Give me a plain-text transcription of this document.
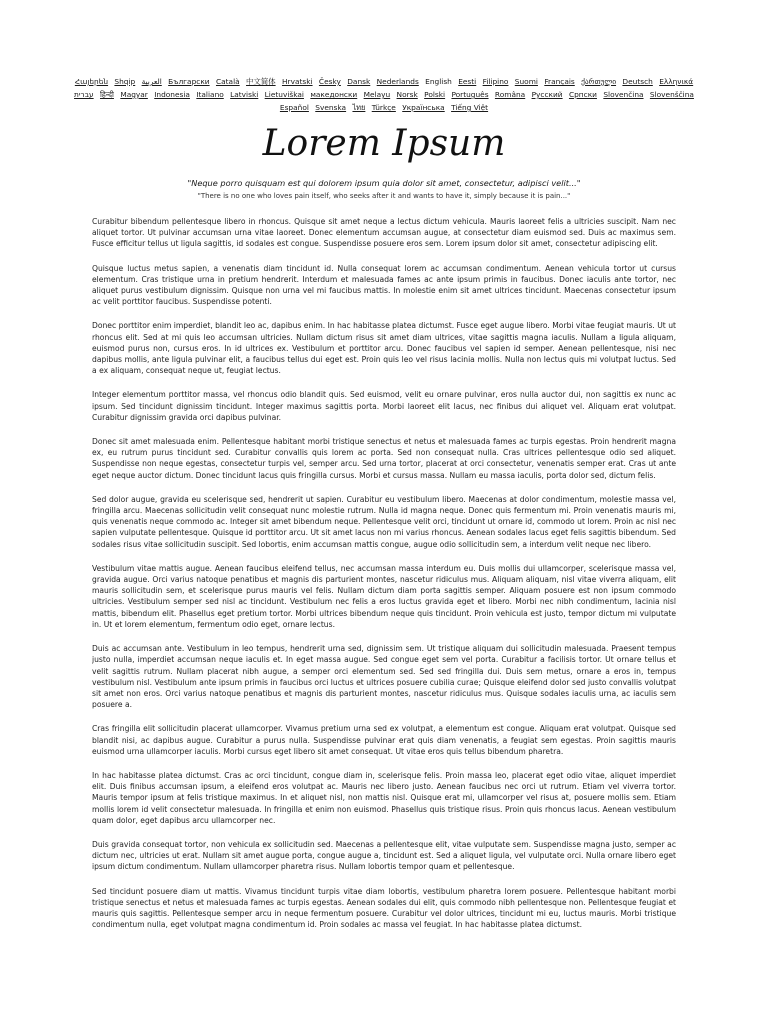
Հայերեն Shqip العربية Български Català 中文简体 Hrvatski Česky Dansk Nederlands English Eesti Filipino Suomi Français ქართული Deutsch Ελληνικά עברית हिन्दी Magyar Indonesia Italiano Latviski Lietuviškai македонски Melayu Norsk Polski Português Româna Pyccкий Српски Slovenčina Slovenščina Español Svenska ไทย Türkçe Українська Tiếng Việt
Lorem Ipsum

"Neque porro quisquam est qui dolorem ipsum quia dolor sit amet, consectetur, adipisci velit..."

"There is no one who loves pain itself, who seeks after it and wants to have it, simply because it is pain..."

Curabitur bibendum pellentesque libero in rhoncus. Quisque sit amet neque a lectus dictum vehicula. Mauris laoreet felis a ultricies suscipit. Nam nec aliquet tortor. Ut pulvinar accumsan urna vitae laoreet. Donec elementum accumsan augue, at consectetur diam euismod sed. Duis ac maximus sem. Fusce efficitur tellus ut ligula sagittis, id sodales est congue. Suspendisse posuere eros sem. Lorem ipsum dolor sit amet, consectetur adipiscing elit.

Quisque luctus metus sapien, a venenatis diam tincidunt id. Nulla consequat lorem ac accumsan condimentum. Aenean vehicula tortor ut cursus elementum. Cras tristique urna in pretium hendrerit. Interdum et malesuada fames ac ante ipsum primis in faucibus. Donec iaculis ante tortor, nec aliquet purus vestibulum dignissim. Quisque non urna vel mi faucibus mattis. In molestie enim sit amet ultrices tincidunt. Maecenas consectetur ipsum ac velit porttitor faucibus. Suspendisse potenti.

Donec porttitor enim imperdiet, blandit leo ac, dapibus enim. In hac habitasse platea dictumst. Fusce eget augue libero. Morbi vitae feugiat mauris. Ut ut rhoncus elit. Sed at mi quis leo accumsan ultricies. Nullam dictum risus sit amet diam ultrices, vitae sagittis magna iaculis. Nullam a ligula aliquam, euismod purus non, cursus eros. In id ultrices ex. Vestibulum et porttitor arcu. Donec faucibus vel sapien id semper. Aenean pellentesque, nisi nec dapibus mollis, ante ligula pulvinar elit, a faucibus tellus dui eget est. Proin quis leo vel risus lacinia mollis. Nulla non lectus quis mi volutpat luctus. Sed a ex aliquam, consequat neque ut, feugiat lectus.

Integer elementum porttitor massa, vel rhoncus odio blandit quis. Sed euismod, velit eu ornare pulvinar, eros nulla auctor dui, non sagittis ex nunc ac ipsum. Sed tincidunt dignissim tincidunt. Integer maximus sagittis porta. Morbi laoreet elit lacus, nec finibus dui aliquet vel. Aliquam erat volutpat. Curabitur dignissim gravida orci dapibus pulvinar.

Donec sit amet malesuada enim. Pellentesque habitant morbi tristique senectus et netus et malesuada fames ac turpis egestas. Proin hendrerit magna ex, eu rutrum purus tincidunt sed. Curabitur convallis quis lorem ac porta. Sed non consequat nulla. Cras ultrices pellentesque odio sed aliquet. Suspendisse non neque egestas, consectetur turpis vel, semper arcu. Sed urna tortor, placerat at orci consectetur, venenatis semper erat. Cras ut ante eget neque auctor dictum. Donec tincidunt lacus quis fringilla cursus. Morbi et cursus massa. Nullam eu massa iaculis, porta dolor sed, dictum felis.

Sed dolor augue, gravida eu scelerisque sed, hendrerit ut sapien. Curabitur eu vestibulum libero. Maecenas at dolor condimentum, molestie massa vel, fringilla arcu. Maecenas sollicitudin velit consequat nunc molestie rutrum. Nulla id magna neque. Donec quis fermentum mi. Proin venenatis mauris mi, quis venenatis neque commodo ac. Integer sit amet bibendum neque. Pellentesque velit orci, tincidunt ut ornare id, commodo ut lorem. Proin ac nisl nec sapien vulputate pellentesque. Quisque id porttitor arcu. Ut sit amet lacus non mi varius rhoncus. Aenean sodales lacus eget felis sagittis bibendum. Sed sodales risus vitae sollicitudin suscipit. Sed lobortis, enim accumsan mattis congue, augue odio sollicitudin sem, a interdum velit neque nec libero.

Vestibulum vitae mattis augue. Aenean faucibus eleifend tellus, nec accumsan massa interdum eu. Duis mollis dui ullamcorper, scelerisque massa vel, gravida augue. Orci varius natoque penatibus et magnis dis parturient montes, nascetur ridiculus mus. Aliquam aliquam, nisl vitae viverra aliquam, elit mauris sollicitudin sem, et scelerisque purus mauris vel felis. Nullam dictum diam porta sagittis semper. Aliquam posuere est non ipsum commodo ultricies. Vestibulum semper sed nisl ac tincidunt. Vestibulum nec felis a eros luctus gravida eget et libero. Morbi nec nibh condimentum, lacinia nisl mattis, bibendum elit. Phasellus eget pretium tortor. Morbi ultrices bibendum neque quis tincidunt. Proin vehicula est justo, tempor dictum mi vulputate in. Ut et lorem elementum, fermentum odio eget, ornare lectus.

Duis ac accumsan ante. Vestibulum in leo tempus, hendrerit urna sed, dignissim sem. Ut tristique aliquam dui sollicitudin malesuada. Praesent tempus justo nulla, imperdiet accumsan neque iaculis et. In eget massa augue. Sed congue eget sem vel porta. Curabitur a facilisis tortor. Ut ornare tellus et velit sagittis rutrum. Nullam placerat nibh augue, a semper orci elementum sed. Sed sed fringilla dui. Duis sem metus, ornare a eros in, tempus vestibulum nisl. Vestibulum ante ipsum primis in faucibus orci luctus et ultrices posuere cubilia curae; Quisque eleifend dolor sed justo convallis volutpat sit amet non eros. Orci varius natoque penatibus et magnis dis parturient montes, nascetur ridiculus mus. Quisque sodales iaculis urna, ac iaculis sem posuere a.

Cras fringilla elit sollicitudin placerat ullamcorper. Vivamus pretium urna sed ex volutpat, a elementum est congue. Aliquam erat volutpat. Quisque sed blandit nisi, ac dapibus augue. Curabitur a purus nulla. Suspendisse pulvinar erat quis diam venenatis, a feugiat sem egestas. Proin sagittis mauris euismod urna ullamcorper iaculis. Morbi cursus eget libero sit amet consequat. Ut vitae eros quis tellus bibendum pharetra.

In hac habitasse platea dictumst. Cras ac orci tincidunt, congue diam in, scelerisque felis. Proin massa leo, placerat eget odio vitae, aliquet imperdiet elit. Duis finibus accumsan ipsum, a eleifend eros volutpat ac. Mauris nec libero justo. Aenean faucibus nec orci ut rutrum. Etiam vel viverra tortor. Mauris tempor ipsum at felis tristique maximus. In et aliquet nisl, non mattis nisl. Quisque erat mi, ullamcorper vel risus at, posuere mollis sem. Etiam mollis lorem id velit consectetur malesuada. In fringilla et enim non euismod. Phasellus quis tristique risus. Proin quis rhoncus lacus. Aenean vestibulum quam dolor, eget dapibus arcu ullamcorper nec.

Duis gravida consequat tortor, non vehicula ex sollicitudin sed. Maecenas a pellentesque elit, vitae vulputate sem. Suspendisse magna justo, semper ac dictum nec, ultricies ut erat. Nullam sit amet augue porta, congue augue a, tincidunt est. Sed a aliquet ligula, vel vulputate orci. Nulla ornare libero eget ipsum dictum condimentum. Nullam ullamcorper pharetra risus. Nullam lobortis tempor quam et pellentesque.

Sed tincidunt posuere diam ut mattis. Vivamus tincidunt turpis vitae diam lobortis, vestibulum pharetra lorem posuere. Pellentesque habitant morbi tristique senectus et netus et malesuada fames ac turpis egestas. Aenean sodales dui elit, quis commodo nibh pellentesque non. Pellentesque feugiat et mauris quis sagittis. Pellentesque semper arcu in neque fermentum posuere. Curabitur vel dolor ultrices, tincidunt mi eu, luctus mauris. Morbi tristique condimentum nulla, eget volutpat magna condimentum id. Proin sodales ac massa vel feugiat. In hac habitasse platea dictumst.
